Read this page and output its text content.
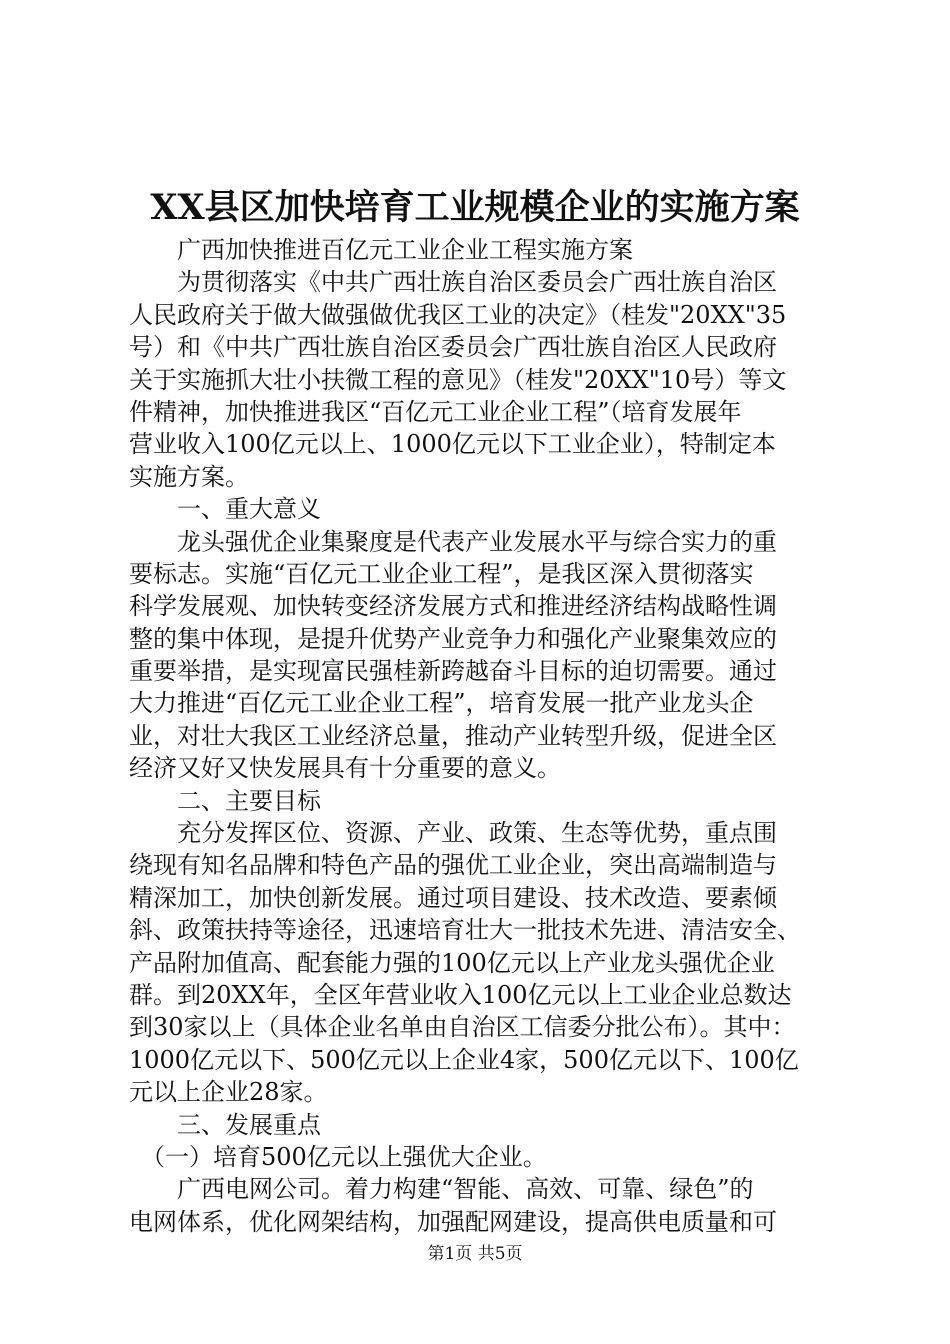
XX县区加快培育工业规模企业的实施方案
　　广西加快推进百亿元工业企业工程实施方案
　　为贯彻落实《中共广西壮族自治区委员会广西壮族自治区
人民政府关于做大做强做优我区工业的决定》（桂发"20XX"35
号）和《中共广西壮族自治区委员会广西壮族自治区人民政府
关于实施抓大壮小扶微工程的意见》（桂发"20XX"10号）等文
件精神，加快推进我区“百亿元工业企业工程”（培育发展年
营业收入100亿元以上、1000亿元以下工业企业），特制定本
实施方案。
　　一、重大意义
　　龙头强优企业集聚度是代表产业发展水平与综合实力的重
要标志。实施“百亿元工业企业工程”，是我区深入贯彻落实
科学发展观、加快转变经济发展方式和推进经济结构战略性调
整的集中体现，是提升优势产业竞争力和强化产业聚集效应的
重要举措，是实现富民强桂新跨越奋斗目标的迫切需要。通过
大力推进“百亿元工业企业工程”，培育发展一批产业龙头企
业，对壮大我区工业经济总量，推动产业转型升级，促进全区
经济又好又快发展具有十分重要的意义。
　　二、主要目标
　　充分发挥区位、资源、产业、政策、生态等优势，重点围
绕现有知名品牌和特色产品的强优工业企业，突出高端制造与
精深加工，加快创新发展。通过项目建设、技术改造、要素倾
斜、政策扶持等途径，迅速培育壮大一批技术先进、清洁安全、
产品附加值高、配套能力强的100亿元以上产业龙头强优企业
群。到20XX年，全区年营业收入100亿元以上工业企业总数达
到30家以上（具体企业名单由自治区工信委分批公布）。其中：
1000亿元以下、500亿元以上企业4家，500亿元以下、100亿
元以上企业28家。
　　三、发展重点
　（一）培育500亿元以上强优大企业。
　　广西电网公司。着力构建“智能、高效、可靠、绿色”的
电网体系，优化网架结构，加强配网建设，提高供电质量和可
第1页 共5页
